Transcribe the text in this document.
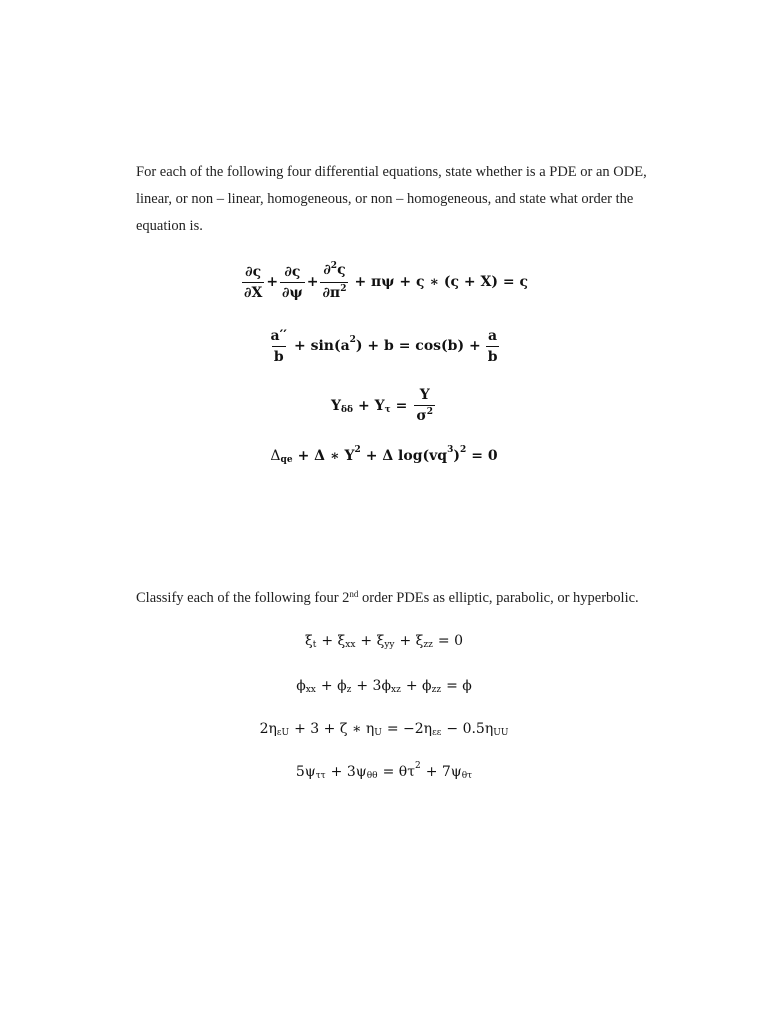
For each of the following four differential equations, state whether is a PDE or an ODE, linear, or non – linear, homogeneous, or non – homogeneous, and state what order the equation is.
$\frac{\partial\varsigma}{\partial X} + \frac{\partial\varsigma}{\partial\psi} + \frac{\partial^2\varsigma}{\partial\pi^2} + \pi\psi + \varsigma$ ∗ (ς + X) = ς
$\frac{a''}{b} + \sin(a$ 2 ) + $b = \cos(b) + \frac{a}{b}$
Y δδ + Y $\tau = \frac{Y}{\sigma^2}$
Δ qe + Δ ∗ Y 2 + Δ log(vq 3 ) 2 = 0
Classify each of the following four 2nd order PDEs as elliptic, parabolic, or hyperbolic.
ξ t + ξ xx + ξ yy + ξ zz = 0
ϕ xx + ϕ z + 3ϕ xz + ϕ zz = ϕ
2η εU + 3 + ζ ∗ η U = −2η εε − 0.5η UU
5ψ ττ + 3ψ θθ = θτ 2 + 7ψ θτ
